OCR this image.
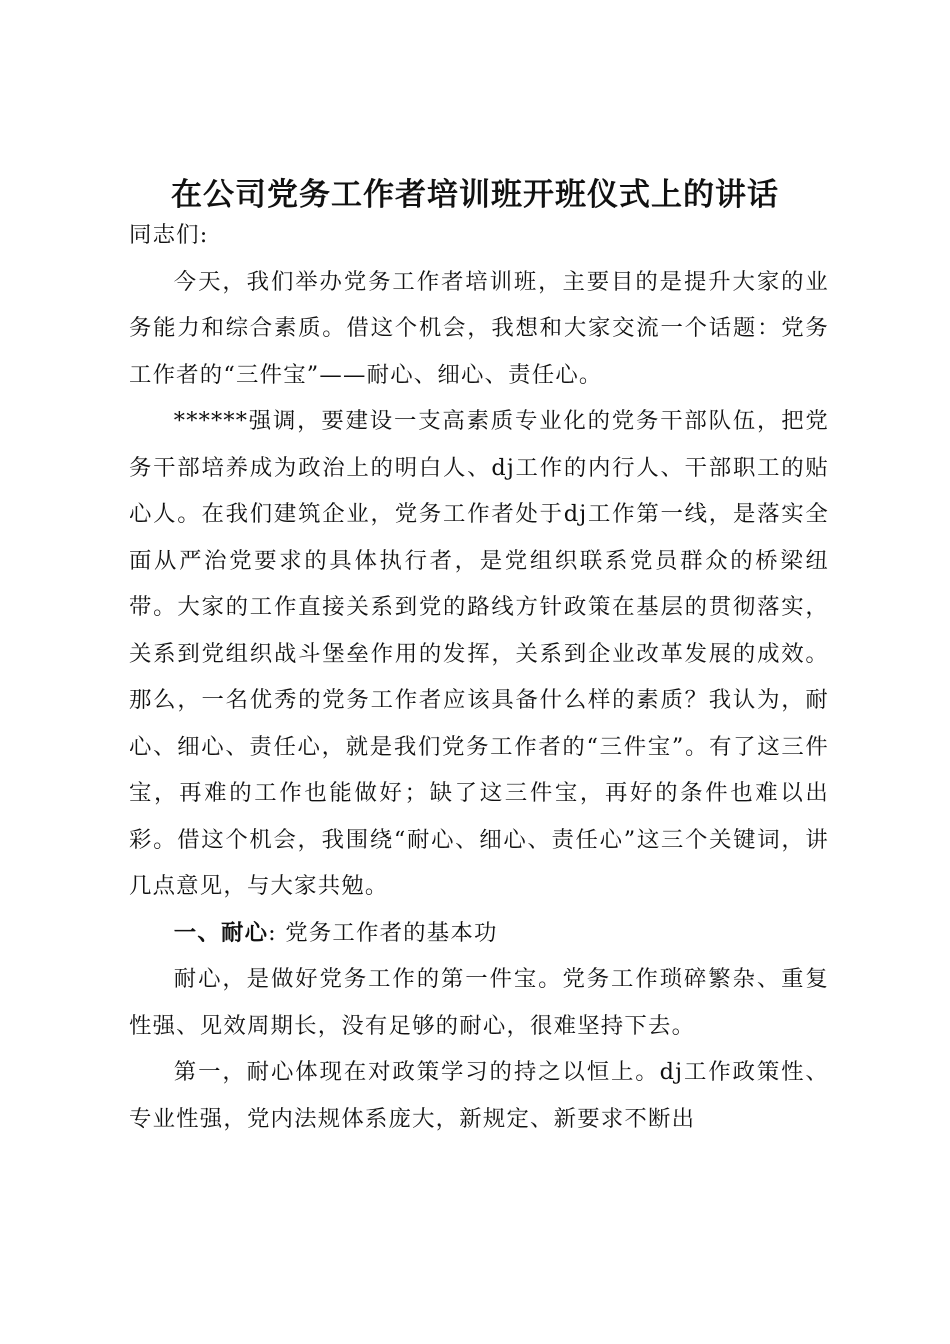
在公司党务工作者培训班开班仪式上的讲话

同志们:

今天，我们举办党务工作者培训班，主要目的是提升大家的业务能力和综合素质。借这个机会，我想和大家交流一个话题：党务工作者的“三件宝”——耐心、细心、责任心。

******强调，要建设一支高素质专业化的党务干部队伍，把党务干部培养成为政治上的明白人、dj工作的内行人、干部职工的贴心人。在我们建筑企业，党务工作者处于dj工作第一线，是落实全面从严治党要求的具体执行者，是党组织联系党员群众的桥梁纽带。大家的工作直接关系到党的路线方针政策在基层的贯彻落实，关系到党组织战斗堡垒作用的发挥，关系到企业改革发展的成效。那么，一名优秀的党务工作者应该具备什么样的素质？我认为，耐心、细心、责任心，就是我们党务工作者的“三件宝”。有了这三件宝，再难的工作也能做好；缺了这三件宝，再好的条件也难以出彩。借这个机会，我围绕“耐心、细心、责任心”这三个关键词，讲几点意见，与大家共勉。

一、耐心: 党务工作者的基本功

耐心，是做好党务工作的第一件宝。党务工作琐碎繁杂、重复性强、见效周期长，没有足够的耐心，很难坚持下去。

第一，耐心体现在对政策学习的持之以恒上。dj工作政策性、专业性强，党内法规体系庞大，新规定、新要求不断出
